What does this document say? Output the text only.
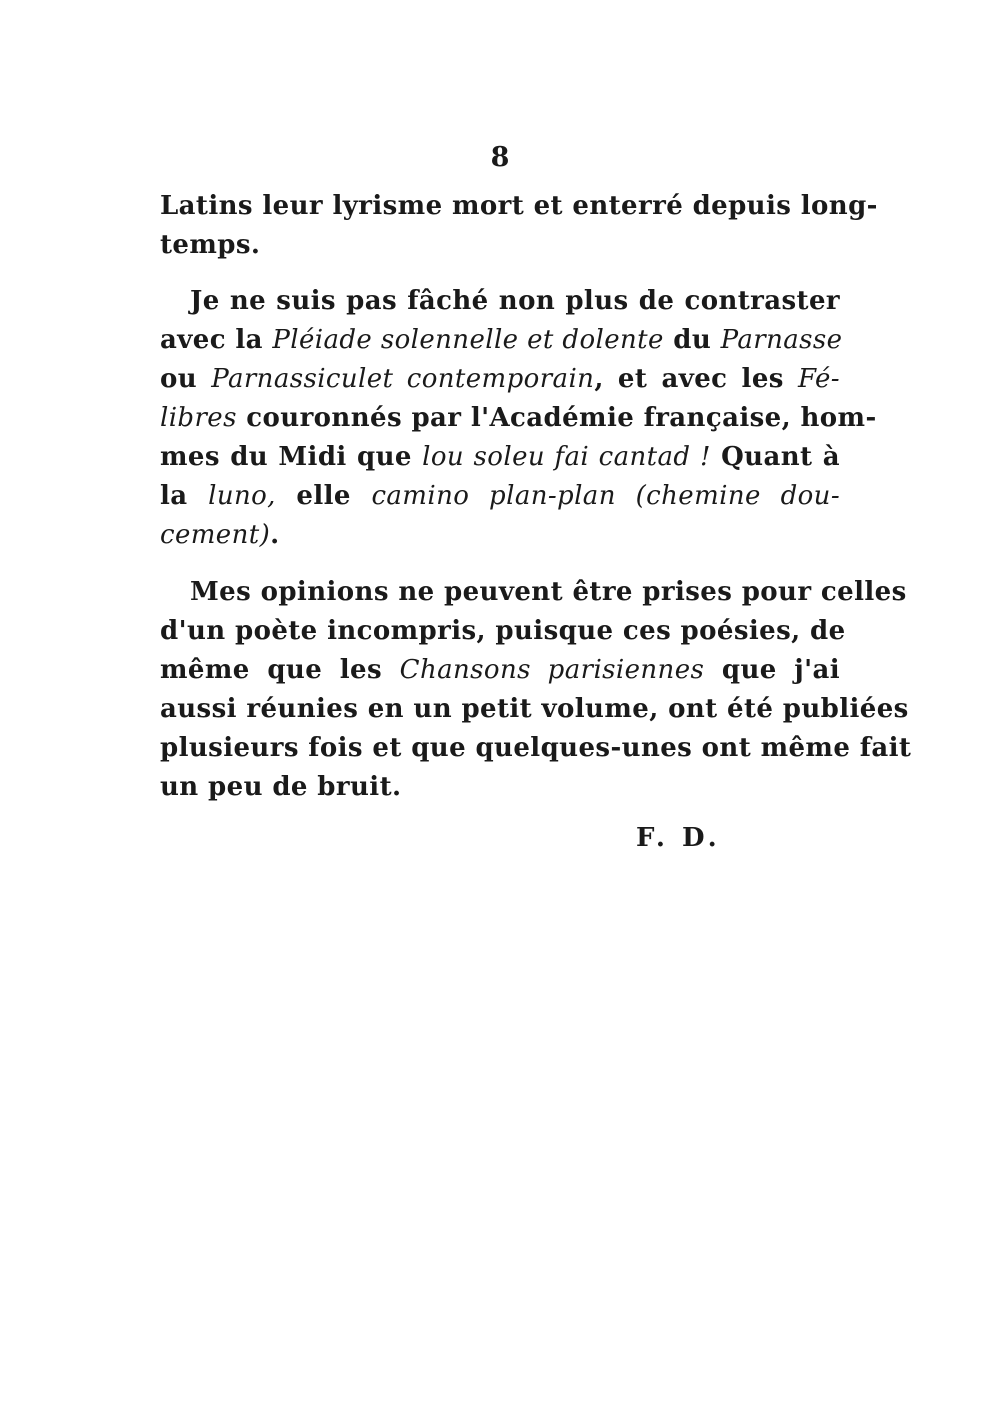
8
Latins leur lyrisme mort et enterré depuis long-
temps.
Je ne suis pas fâché non plus de contraster
avec la Pléiade solennelle et dolente du Parnasse
ou Parnassiculet contemporain, et avec les Fé-
libres couronnés par l'Académie française, hom-
mes du Midi que lou soleu fai cantad ! Quant à
la luno, elle camino plan-plan (chemine dou-
cement).
Mes opinions ne peuvent être prises pour celles
d'un poète incompris, puisque ces poésies, de
même que les Chansons parisiennes que j'ai
aussi réunies en un petit volume, ont été publiées
plusieurs fois et que quelques-unes ont même fait
un peu de bruit.
F. D.
